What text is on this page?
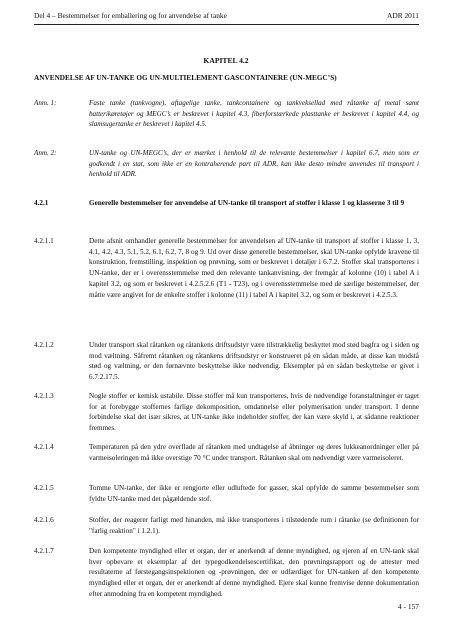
Del 4 – Bestemmelser for emballering og for anvendelse af tanke	ADR 2011
KAPITEL 4.2
ANVENDELSE AF UN-TANKE OG UN-MULTIELEMENT GASCONTAINERE (UN-MEGC’S)
Anm. 1:	Faste tanke (tankvogne), aftagelige tanke, tankcontainere og tankveksellad med råtanke af metal samt batterikøretøjer og MEGC’s er beskrevet i kapitel 4.3, fiberforstærkede plasttanke er beskrevet i kapitel 4.4, og slamsugertanke er beskrevet i kapitel 4.5.
Anm. 2:	UN-tanke og UN-MEGC’s, der er mærket i henhold til de relevante bestemmelser i kapitel 6.7, men som er godkendt i en stat, som ikke er en kontraherende part til ADR, kan ikke desto mindre anvendes til transport i henhold til ADR.
4.2.1	Generelle bestemmelser for anvendelse af UN-tanke til transport af stoffer i klasse 1 og klasserne 3 til 9
4.2.1.1	Dette afsnit omhandler generelle bestemmelser for anvendelsen af UN-tanke til transport af stoffer i klasse 1, 3, 4.1, 4.2, 4.3, 5.1, 5.2, 6.1, 6.2, 7, 8 og 9. Ud over disse generelle bestemmelser, skal UN-tanke opfylde kravene til konstruktion, fremstilling, inspektion og prøvning, som er beskrevet i detaljer i 6.7.2. Stoffer skal transporteres i UN-tanke, der er i overensstemmelse med den relevante tankanvisning, der fremgår af kolonne (10) i tabel A i kapitel 3.2, og som er beskrevet i 4.2.5.2.6 (T1 - T23), og i overensstemmelse med de særlige bestemmelser, der måtte være angivet for de enkelte stoffer i kolonne (11) i tabel A i kapitel 3.2, og som er beskrevet i 4.2.5.3.
4.2.1.2	Under transport skal råtanken og råtankens driftsudstyr være tilstrækkelig beskyttet mod stød bagfra og i siden og mod væltning. Såfremt råtanken og råtankens driftsudstyr er konstrueret på en sådan måde, at disse kan modstå stød og væltning, er den førnævnte beskyttelse ikke nødvendig. Eksempler på en sådan beskyttelse er givet i 6.7.2.17.5.
4.2.1.3	Nogle stoffer er kemisk ustabile. Disse stoffer må kun transporteres, hvis de nødvendige foranstaltninger er taget for at forebygge stoffernes farlige dekomposition, omdannelse eller polymerisation under transport. I denne forbindelse skal det især sikres, at UN-tanke ikke indeholder stoffer, der kan være skyld i, at sådanne reaktioner fremmes.
4.2.1.4	Temperaturen på den ydre overflade af råtanken med undtagelse af åbninger og deres lukkeanordninger eller på varmeisoleringen må ikke overstige 70 °C under transport. Råtanken skal om nødvendigt være varmeisoleret.
4.2.1.5	Tomme UN-tanke, der ikke er rengjorte eller udluftede for gasser, skal opfylde de samme bestemmelser som fyldte UN-tanke med det pågældende stof.
4.2.1.6	Stoffer, der reagerer farligt med hinanden, må ikke transporteres i tilstødende rum i råtanke (se definitionen for "farlig reaktion" i 1.2.1).
4.2.1.7	Den kompetente myndighed eller et organ, der er anerkendt af denne myndighed, og ejeren af en UN-tank skal hver opbevare et eksemplar af det typegodkendelsescertifikat, den prøvningsrapport og de attester med resultaterne af førstegangsinspektionen og -prøvningen, der er udfærdiget for UN-tanken af den kompetente myndighed eller et organ, der er anerkendt af denne myndighed. Ejere skal kunne fremvise denne dokumentation efter anmodning fra en kompetent myndighed.
4 - 157
